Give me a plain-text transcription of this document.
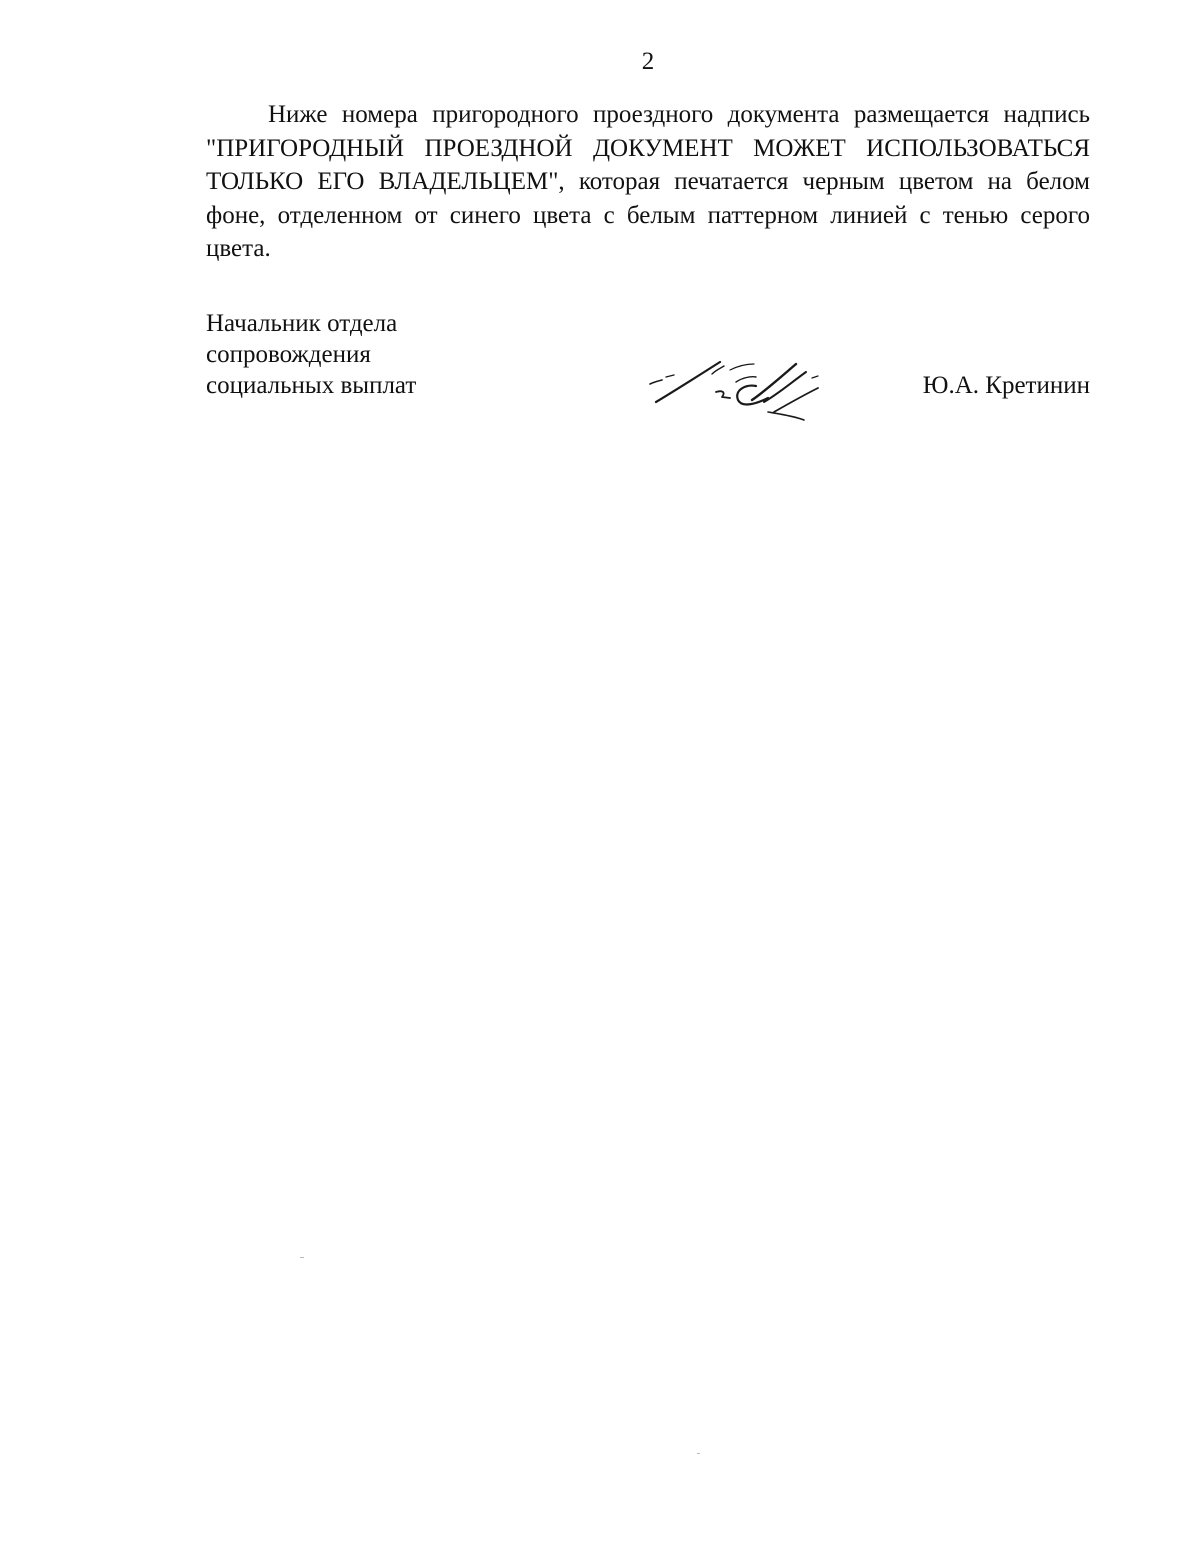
2

Ниже номера пригородного проездного документа размещается надпись "ПРИГОРОДНЫЙ ПРОЕЗДНОЙ ДОКУМЕНТ МОЖЕТ ИСПОЛЬЗОВАТЬСЯ ТОЛЬКО ЕГО ВЛАДЕЛЬЦЕМ", которая печатается черным цветом на белом фоне, отделенном от синего цвета с белым паттерном линией с тенью серого цвета.

Начальник отдела
сопровождения
социальных выплат	Ю.А. Кретинин
